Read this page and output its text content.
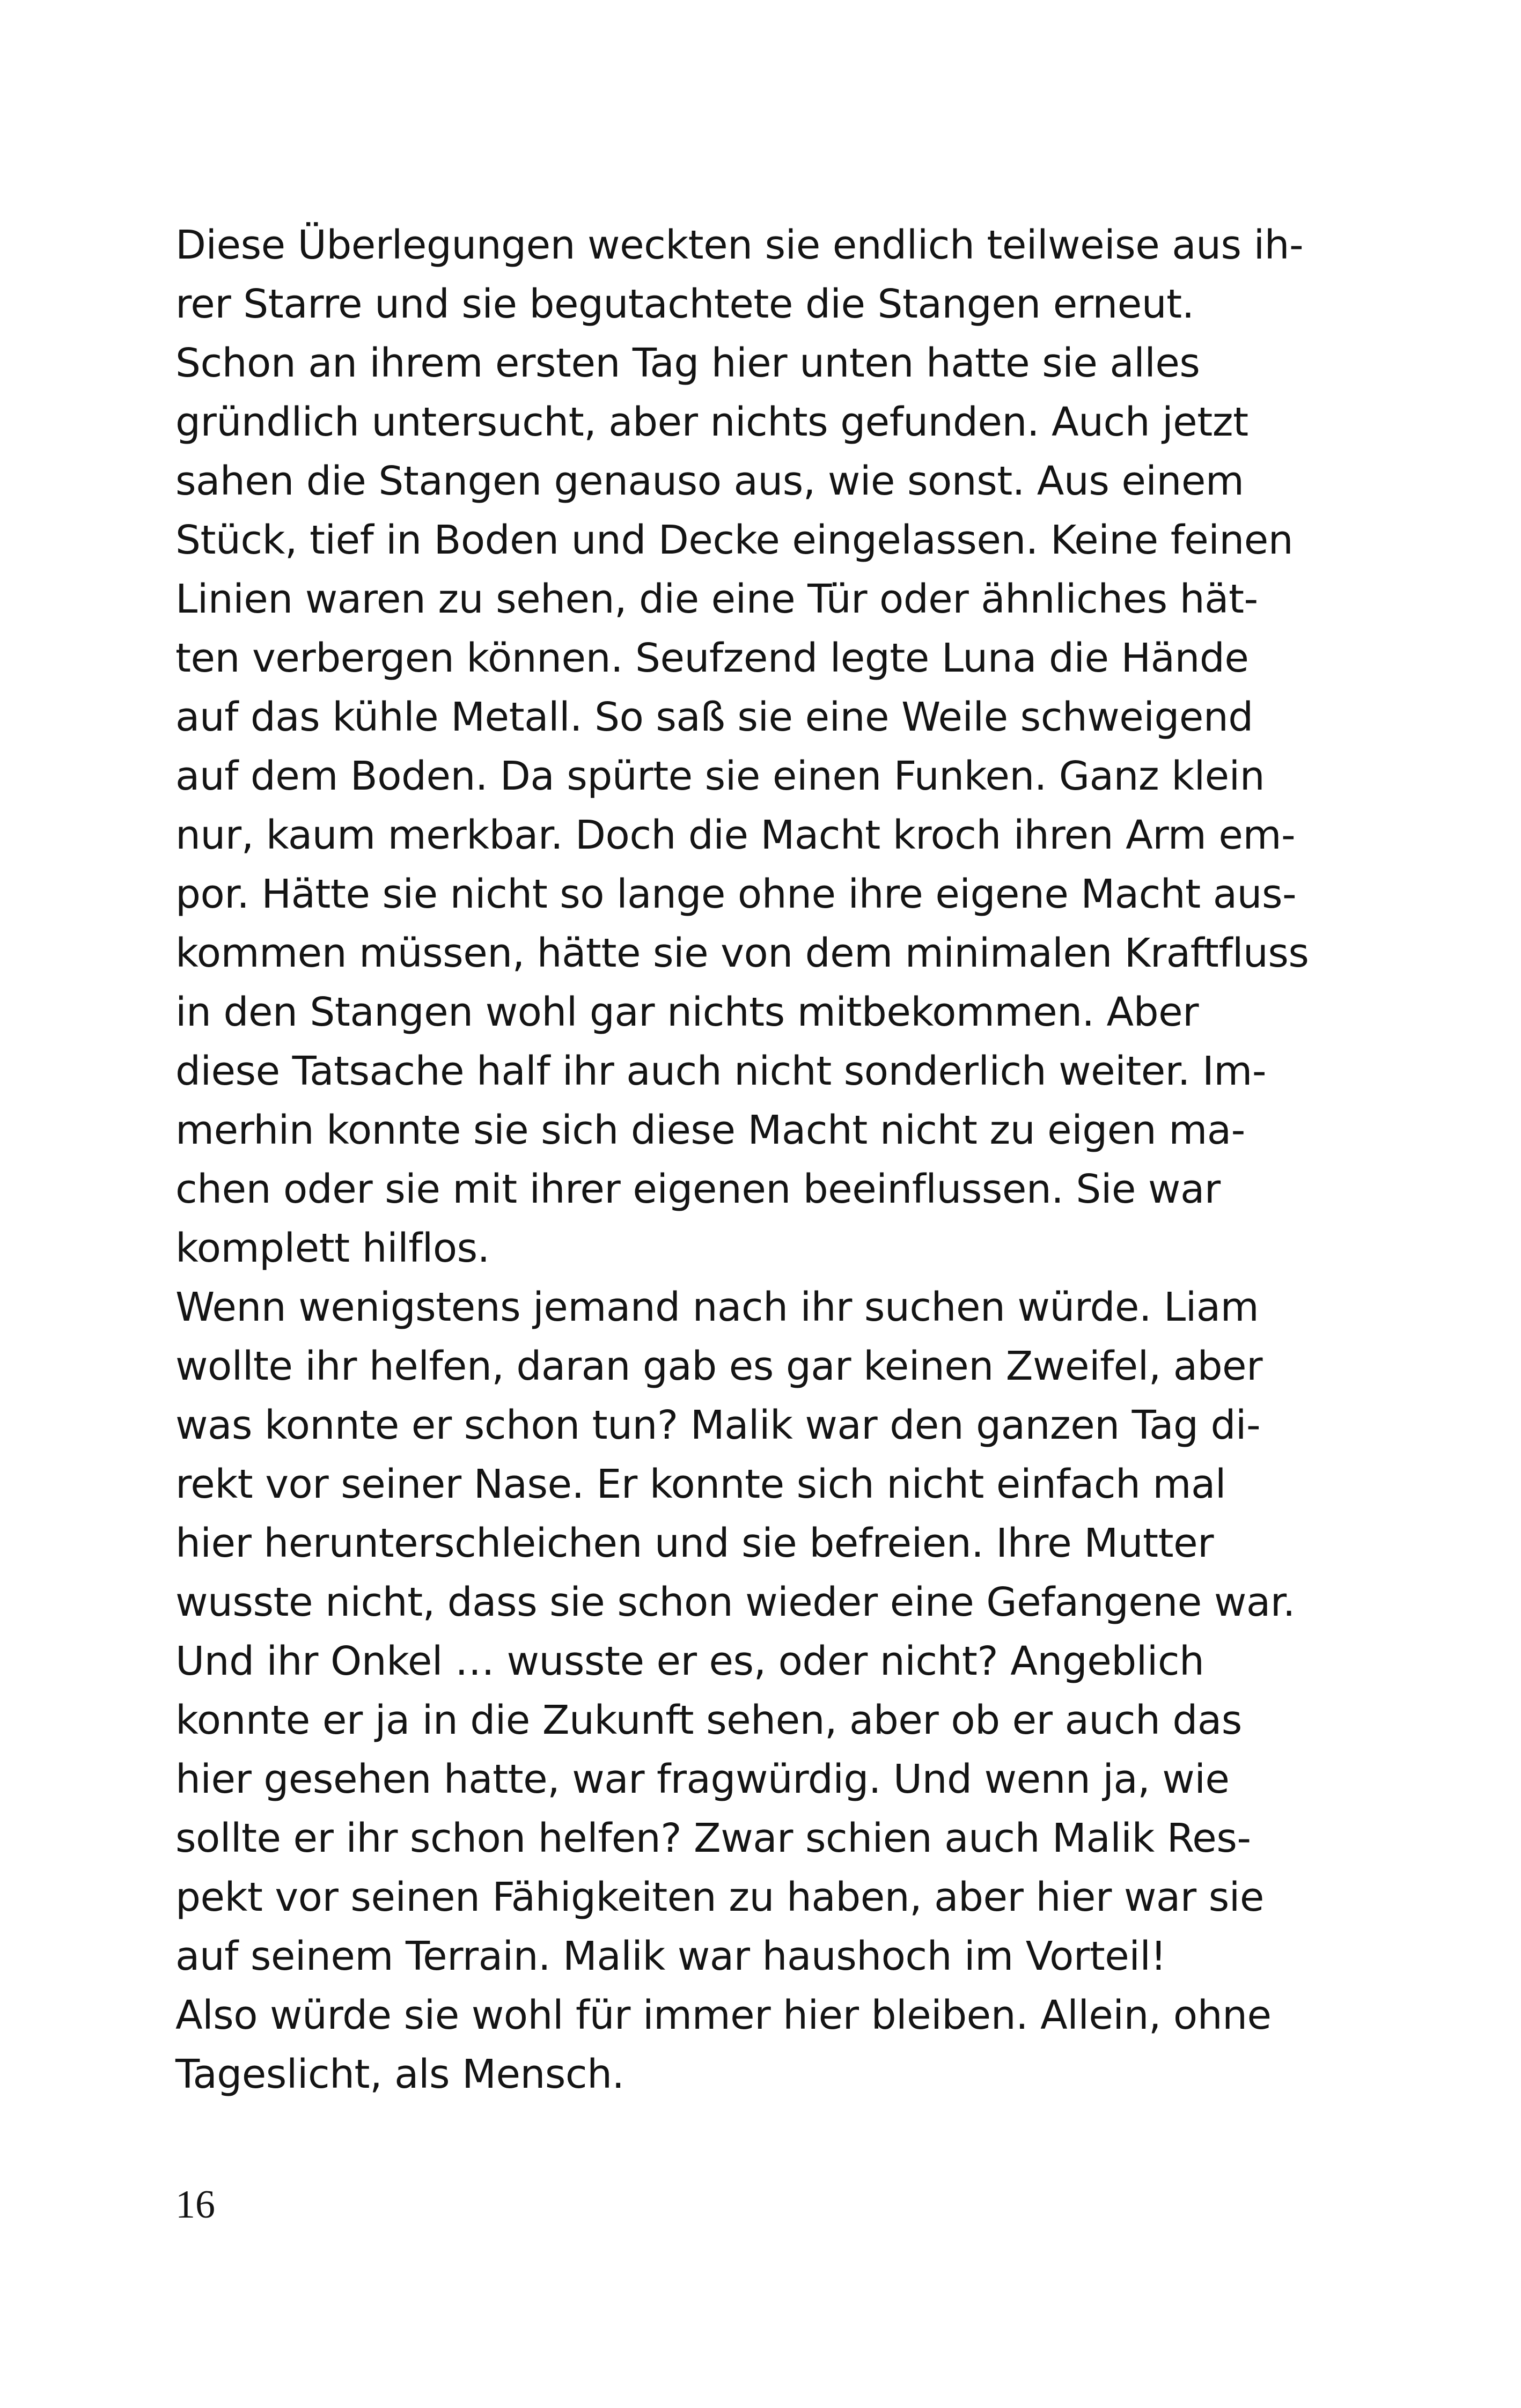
Diese Überlegungen weckten sie endlich teilweise aus ih-
rer Starre und sie begutachtete die Stangen erneut.
Schon an ihrem ersten Tag hier unten hatte sie alles
gründlich untersucht, aber nichts gefunden. Auch jetzt
sahen die Stangen genauso aus, wie sonst. Aus einem
Stück, tief in Boden und Decke eingelassen. Keine feinen
Linien waren zu sehen, die eine Tür oder ähnliches hät-
ten verbergen können. Seufzend legte Luna die Hände
auf das kühle Metall. So saß sie eine Weile schweigend
auf dem Boden. Da spürte sie einen Funken. Ganz klein
nur, kaum merkbar. Doch die Macht kroch ihren Arm em-
por. Hätte sie nicht so lange ohne ihre eigene Macht aus-
kommen müssen, hätte sie von dem minimalen Kraftfluss
in den Stangen wohl gar nichts mitbekommen. Aber
diese Tatsache half ihr auch nicht sonderlich weiter. Im-
merhin konnte sie sich diese Macht nicht zu eigen ma-
chen oder sie mit ihrer eigenen beeinflussen. Sie war
komplett hilflos.
Wenn wenigstens jemand nach ihr suchen würde. Liam
wollte ihr helfen, daran gab es gar keinen Zweifel, aber
was konnte er schon tun? Malik war den ganzen Tag di-
rekt vor seiner Nase. Er konnte sich nicht einfach mal
hier herunterschleichen und sie befreien. Ihre Mutter
wusste nicht, dass sie schon wieder eine Gefangene war.
Und ihr Onkel … wusste er es, oder nicht? Angeblich
konnte er ja in die Zukunft sehen, aber ob er auch das
hier gesehen hatte, war fragwürdig. Und wenn ja, wie
sollte er ihr schon helfen? Zwar schien auch Malik Res-
pekt vor seinen Fähigkeiten zu haben, aber hier war sie
auf seinem Terrain. Malik war haushoch im Vorteil!
Also würde sie wohl für immer hier bleiben. Allein, ohne
Tageslicht, als Mensch.
16
